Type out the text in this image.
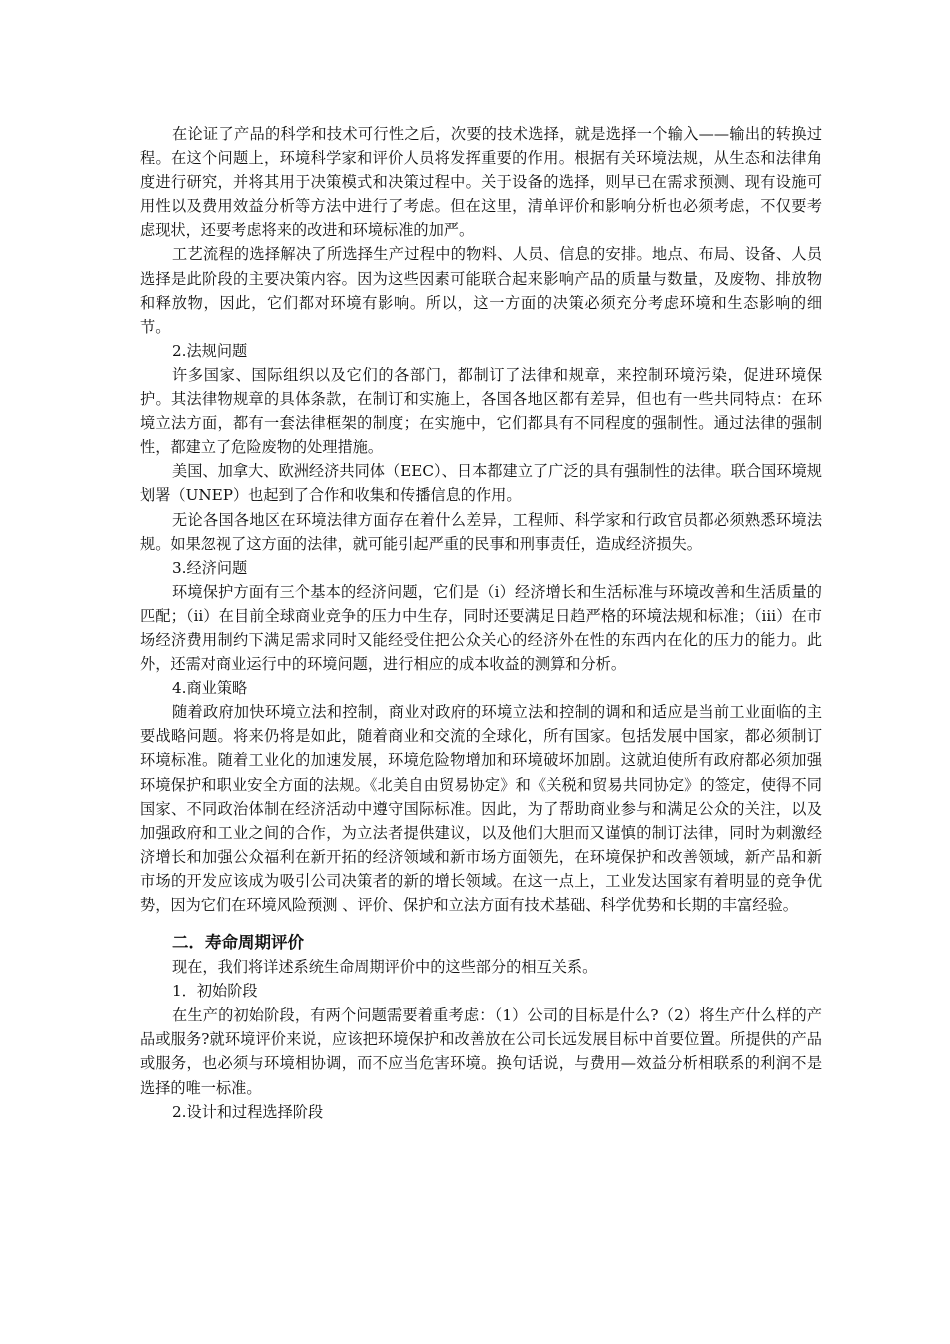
在论证了产品的科学和技术可行性之后，次要的技术选择，就是选择一个输入——输出的转换过程。在这个问题上，环境科学家和评价人员将发挥重要的作用。根据有关环境法规，从生态和法律角度进行研究，并将其用于决策模式和决策过程中。关于设备的选择，则早已在需求预测、现有设施可用性以及费用效益分析等方法中进行了考虑。但在这里，清单评价和影响分析也必须考虑，不仅要考虑现状，还要考虑将来的改进和环境标准的加严。

工艺流程的选择解决了所选择生产过程中的物料、人员、信息的安排。地点、布局、设备、人员选择是此阶段的主要决策内容。因为这些因素可能联合起来影响产品的质量与数量，及废物、排放物和释放物，因此，它们都对环境有影响。所以，这一方面的决策必须充分考虑环境和生态影响的细节。

2.法规问题

许多国家、国际组织以及它们的各部门，都制订了法律和规章，来控制环境污染，促进环境保护。其法律物规章的具体条款，在制订和实施上，各国各地区都有差异，但也有一些共同特点：在环境立法方面，都有一套法律框架的制度；在实施中，它们都具有不同程度的强制性。通过法律的强制性，都建立了危险废物的处理措施。

美国、加拿大、欧洲经济共同体（EEC）、日本都建立了广泛的具有强制性的法律。联合国环境规划署（UNEP）也起到了合作和收集和传播信息的作用。

无论各国各地区在环境法律方面存在着什么差异，工程师、科学家和行政官员都必须熟悉环境法规。如果忽视了这方面的法律，就可能引起严重的民事和刑事责任，造成经济损失。

3.经济问题

环境保护方面有三个基本的经济问题，它们是（i）经济增长和生活标准与环境改善和生活质量的匹配；（ii）在目前全球商业竞争的压力中生存，同时还要满足日趋严格的环境法规和标准；（iii）在市场经济费用制约下满足需求同时又能经受住把公众关心的经济外在性的东西内在化的压力的能力。此外，还需对商业运行中的环境问题，进行相应的成本收益的测算和分析。

4.商业策略

随着政府加快环境立法和控制，商业对政府的环境立法和控制的调和和适应是当前工业面临的主要战略问题。将来仍将是如此，随着商业和交流的全球化，所有国家。包括发展中国家，都必须制订环境标准。随着工业化的加速发展，环境危险物增加和环境破坏加剧。这就迫使所有政府都必须加强环境保护和职业安全方面的法规。《北美自由贸易协定》和《关税和贸易共同协定》的签定，使得不同国家、不同政治体制在经济活动中遵守国际标准。因此，为了帮助商业参与和满足公众的关注，以及加强政府和工业之间的合作，为立法者提供建议，以及他们大胆而又谨慎的制订法律，同时为刺激经济增长和加强公众福利在新开拓的经济领域和新市场方面领先，在环境保护和改善领域，新产品和新市场的开发应该成为吸引公司决策者的新的增长领域。在这一点上，工业发达国家有着明显的竞争优势，因为它们在环境风险预测 、评价、保护和立法方面有技术基础、科学优势和长期的丰富经验。

二．寿命周期评价

现在，我们将详述系统生命周期评价中的这些部分的相互关系。

1．初始阶段

在生产的初始阶段，有两个问题需要着重考虑：（1）公司的目标是什么?（2）将生产什么样的产品或服务?就环境评价来说，应该把环境保护和改善放在公司长远发展目标中首要位置。所提供的产品或服务，也必须与环境相协调，而不应当危害环境。换句话说，与费用—效益分析相联系的利润不是选择的唯一标准。

2.设计和过程选择阶段
